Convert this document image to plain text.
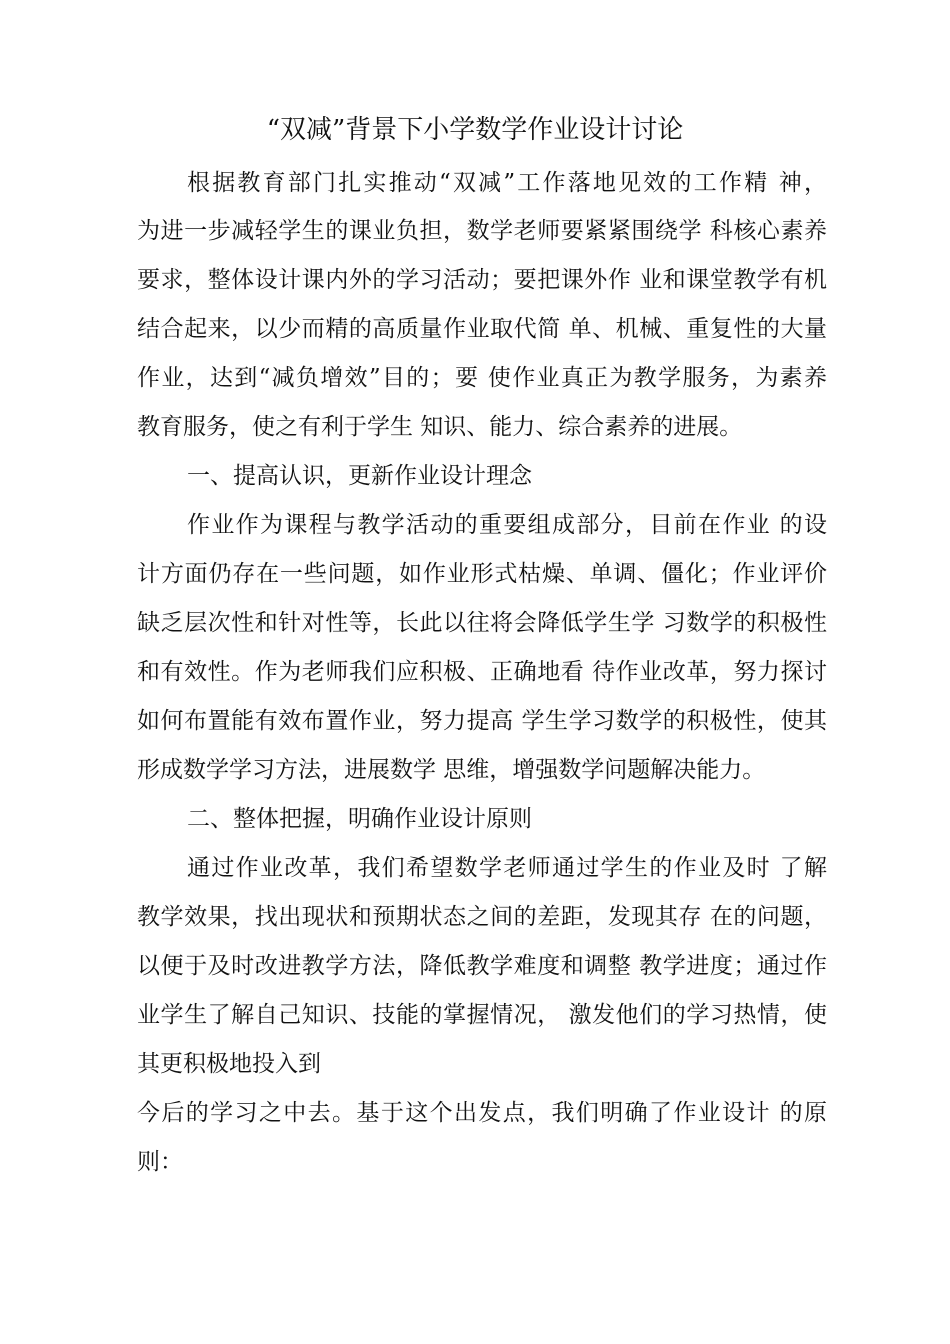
“双减”背景下小学数学作业设计讨论
根据教育部门扎实推动“双减”工作落地见效的工作精 神，
为进一步减轻学生的课业负担，数学老师要紧紧围绕学 科核心素养
要求，整体设计课内外的学习活动；要把课外作 业和课堂教学有机
结合起来，以少而精的高质量作业取代简 单、机械、重复性的大量
作业，达到“减负增效”目的；要 使作业真正为教学服务，为素养
教育服务，使之有利于学生 知识、能力、综合素养的进展。
一、提高认识，更新作业设计理念
作业作为课程与教学活动的重要组成部分，目前在作业 的设
计方面仍存在一些问题，如作业形式枯燥、单调、僵化；作业评价
缺乏层次性和针对性等，长此以往将会降低学生学 习数学的积极性
和有效性。作为老师我们应积极、正确地看 待作业改革，努力探讨
如何布置能有效布置作业，努力提高 学生学习数学的积极性，使其
形成数学学习方法，进展数学 思维，增强数学问题解决能力。
二、整体把握，明确作业设计原则
通过作业改革，我们希望数学老师通过学生的作业及时 了解
教学效果，找出现状和预期状态之间的差距，发现其存 在的问题，
以便于及时改进教学方法，降低教学难度和调整 教学进度；通过作
业学生了解自己知识、技能的掌握情况， 激发他们的学习热情，使
其更积极地投入到
今后的学习之中去。基于这个出发点，我们明确了作业设计 的原
则：
